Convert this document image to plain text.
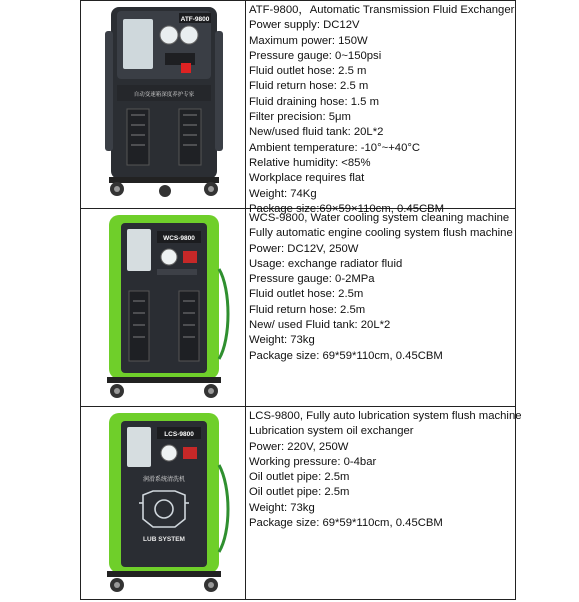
ATF-9800
自动变速箱深度养护专家
ATF-9800，Automatic Transmission Fluid Exchanger
Power supply: DC12V
Maximum power: 150W
Pressure gauge: 0~150psi
Fluid outlet hose: 2.5 m
Fluid return hose: 2.5 m
Fluid draining hose: 1.5 m
Filter precision: 5μm
New/used fluid tank: 20L*2
Ambient temperature: -10°~+40°C
Relative humidity: <85%
Workplace requires flat
Weight: 74Kg
Package size:69×59×110cm, 0.45CBM
WCS-9800
WCS-9800, Water cooling system cleaning machine
Fully automatic engine cooling system flush machine
Power: DC12V, 250W
Usage: exchange radiator fluid
Pressure gauge: 0-2MPa
Fluid outlet hose: 2.5m
Fluid return hose: 2.5m
New/ used Fluid tank: 20L*2
Weight: 73kg
Package size: 69*59*110cm, 0.45CBM
LCS-9800
润滑系统清洗机
LUB SYSTEM
LCS-9800, Fully auto lubrication system flush machine
Lubrication system oil exchanger
Power: 220V, 250W
Working pressure: 0-4bar
Oil outlet pipe: 2.5m
Oil outlet pipe: 2.5m
Weight: 73kg
Package size: 69*59*110cm, 0.45CBM
